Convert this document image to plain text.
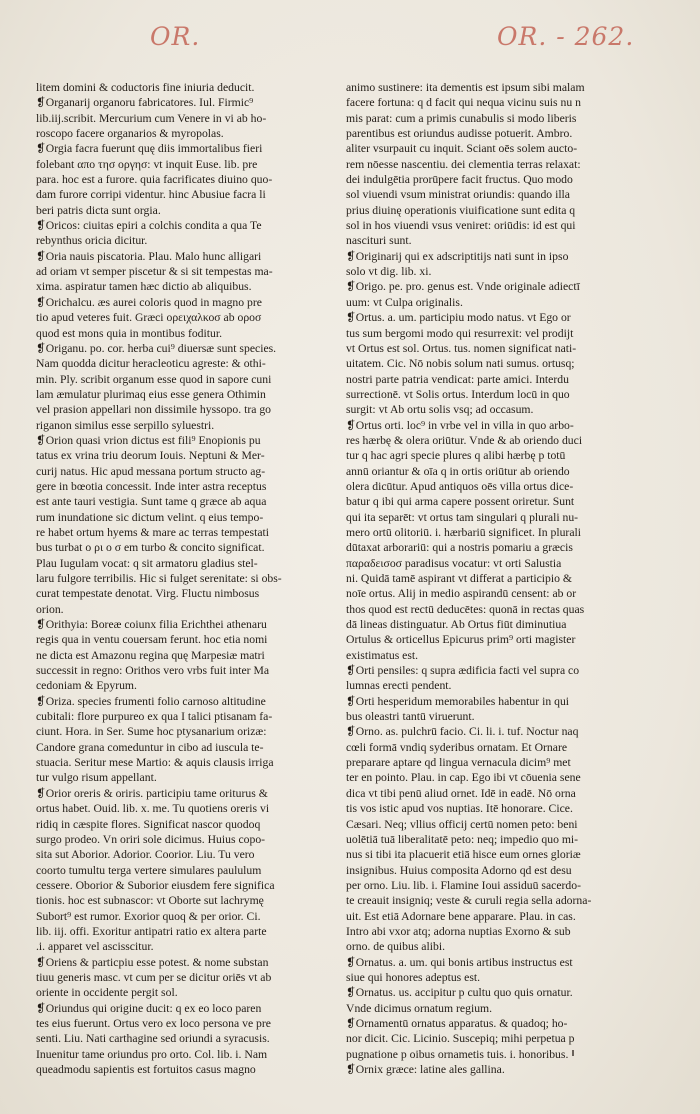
OR.	OR. - 262.
litem domini & coductoris fine iniuria deducit.
❡Organarij organoru fabricatores. Iul. Firmic⁹
lib.iij.scribit. Mercurium cum Venere in vi ab ho-
roscopo facere organarios & myropolas.
❡Orgia facra fuerunt quę diis immortalibus fieri
folebant απο τησ οργησ: vt inquit Euse. lib. pre
para. hoc est a furore. quia facrificates diuino quo-
dam furore corripi videntur. hinc Abusiue facra li
beri patris dicta sunt orgia.
❡Oricos: ciuitas epiri a colchis condita a qua Te
rebynthus oricia dicitur.
❡Oria nauis piscatoria. Plau. Malo hunc alligari
ad oriam vt semper piscetur & si sit tempestas ma-
xima. aspiratur tamen hæc dictio ab aliquibus.
❡Orichalcu. æs aurei coloris quod in magno pre
tio apud veteres fuit. Græci ορειχαλκοσ ab οροσ
quod est mons quia in montibus foditur.
❡Origanu. po. cor. herba cui⁹ diuersæ sunt species.
Nam quodda dicitur heracleoticu agreste: & othi-
min. Ply. scribit organum esse quod in sapore cuni
lam æmulatur plurimaq eius esse genera Othimin
vel prasion appellari non dissimile hyssopo. tra go
riganon similus esse serpillo syluestri.
❡Orion quasi vrion dictus est fili⁹ Enopionis pu
tatus ex vrina triu deorum Iouis. Neptuni & Mer-
curij natus. Hic apud messana portum structo ag-
gere in bœotia concessit. Inde inter astra receptus
est ante tauri vestigia. Sunt tame q græce ab aqua
rum inundatione sic dictum velint. q eius tempo-
re habet ortum hyems & mare ac terras tempestati
bus turbat ο ρι ο σ em turbo & concito significat.
Plau Iugulam vocat: q sit armatoru gladius stel-
laru fulgore terribilis. Hic si fulget serenitate: si obs-
curat tempestate denotat. Virg. Fluctu nimbosus
orion.
❡Orithyia: Boreæ coiunx filia Erichthei athenaru
regis qua in ventu couersam ferunt. hoc etia nomi
ne dicta est Amazonu regina quę Marpesiæ matri
successit in regno: Orithos vero vrbs fuit inter Ma
cedoniam & Epyrum.
❡Oriza. species frumenti folio carnoso altitudine
cubitali: flore purpureo ex qua I talici ptisanam fa-
ciunt. Hora. in Ser. Sume hoc ptysanarium orizæ:
Candore grana comeduntur in cibo ad iuscula te-
stuacia. Seritur mese Martio: & aquis clausis irriga
tur vulgo risum appellant.
❡Orior oreris & oriris. participiu tame oriturus &
ortus habet. Ouid. lib. x. me. Tu quotiens oreris vi
ridiq in cæspite flores. Significat nascor quodoq
surgo prodeo. Vn oriri sole dicimus. Huius copo-
sita sut Aborior. Adorior. Coorior. Liu. Tu vero
coorto tumultu terga vertere simulares paululum
cessere. Oborior & Suborior eiusdem fere significa
tionis. hoc est subnascor: vt Oborte sut lachrymę
Subort⁹ est rumor. Exorior quoq & per orior. Ci.
lib. iij. offi. Exoritur antipatri ratio ex altera parte
.i. apparet vel ascisscitur.
❡Oriens & particpiu esse potest. & nome substan
tiuu generis masc. vt cum per se dicitur oriēs vt ab
oriente in occidente pergit sol.
❡Oriundus qui origine ducit: q ex eo loco paren
tes eius fuerunt. Ortus vero ex loco persona ve pre
senti. Liu. Nati carthagine sed oriundi a syracusis.
Inuenitur tame oriundus pro orto. Col. lib. i. Nam
queadmodu sapientis est fortuitos casus magno
animo sustinere: ita dementis est ipsum sibi malam
facere fortuna: q d facit qui nequa vicinu suis nu n
mis parat: cum a primis cunabulis si modo liberis
parentibus est oriundus audisse potuerit. Ambro.
aliter vsurpauit cu inquit. Sciant oēs solem aucto-
rem nōesse nascentiu. dei clementia terras relaxat:
dei indulgētia prorūpere facit fructus. Quo modo
sol viuendi vsum ministrat oriundis: quando illa
prius diuinę operationis viuificatione sunt edita q
sol in hos viuendi vsus veniret: oriūdis: id est qui
nascituri sunt.
❡Originarij qui ex adscriptitijs nati sunt in ipso
solo vt dig. lib. xi.
❡Origo. pe. pro. genus est. Vnde originale adiectī
uum: vt Culpa originalis.
❡Ortus. a. um. participiu modo natus. vt Ego or
tus sum bergomi modo qui resurrexit: vel prodijt
vt Ortus est sol. Ortus. tus. nomen significat nati-
uitatem. Cic. Nō nobis solum nati sumus. ortusq;
nostri parte patria vendicat: parte amici. Interdu
surrectionē. vt Solis ortus. Interdum locū in quo
surgit: vt Ab ortu solis vsq; ad occasum.
❡Ortus orti. loc⁹ in vrbe vel in villa in quo arbo-
res hærbę & olera oriūtur. Vnde & ab oriendo duci
tur q hac agri specie plures q alibi hærbę p totū
annū oriantur & oīa q in ortis oriūtur ab oriendo
olera dicūtur. Apud antiquos oēs villa ortus dice-
batur q ibi qui arma capere possent oriretur. Sunt
qui ita separēt: vt ortus tam singulari q plurali nu-
mero ortū olitoriū. i. hærbariū significet. In plurali
dūtaxat arborariū: qui a nostris pomariu a græcis
παραδεισοσ paradisus vocatur: vt orti Salustia
ni. Quidā tamē aspirant vt differat a participio &
noīe ortus. Alij in medio aspirandū censent: ab or
thos quod est rectū deducētes: quonā in rectas quas
dā lineas distinguatur. Ab Ortus fiūt diminutiua
Ortulus & orticellus Epicurus prim⁹ orti magister
existimatus est.
❡Orti pensiles: q supra ædificia facti vel supra co
lumnas erecti pendent.
❡Orti hesperidum memorabiles habentur in qui
bus oleastri tantū viruerunt.
❡Orno. as. pulchrū facio. Ci. li. i. tuf. Noctur naq
cœli formā vndiq syderibus ornatam. Et Ornare
preparare aptare qd lingua vernacula dicim⁹ met
ter en pointo. Plau. in cap. Ego ibi vt cōuenia sene
dica vt tibi penū aliud ornet. Idē in eadē. Nō orna
tis vos istic apud vos nuptias. Itē honorare. Cice.
Cæsari. Neq; vllius officij certū nomen peto: beni
uolētiā tuā liberalitatē peto: neq; impedio quo mi-
nus si tibi ita placuerit etiā hisce eum ornes gloriæ
insignibus. Huius composita Adorno qd est desu
per orno. Liu. lib. i. Flamine Ioui assiduū sacerdo-
te creauit insigniq; veste & curuli regia sella adorna-
uit. Est etiā Adornare bene apparare. Plau. in cas.
Intro abi vxor atq; adorna nuptias Exorno & sub
orno. de quibus alibi.
❡Ornatus. a. um. qui bonis artibus instructus est
siue qui honores adeptus est.
❡Ornatus. us. accipitur p cultu quo quis ornatur.
Vnde dicimus ornatum regium.
❡Ornamentū ornatus apparatus. & quadoq; ho-
nor dicit. Cic. Licinio. Suscepiq; mihi perpetua p
pugnatione p oibus ornametis tuis. i. honoribus.
❡Ornix græce: latine ales gallina.
